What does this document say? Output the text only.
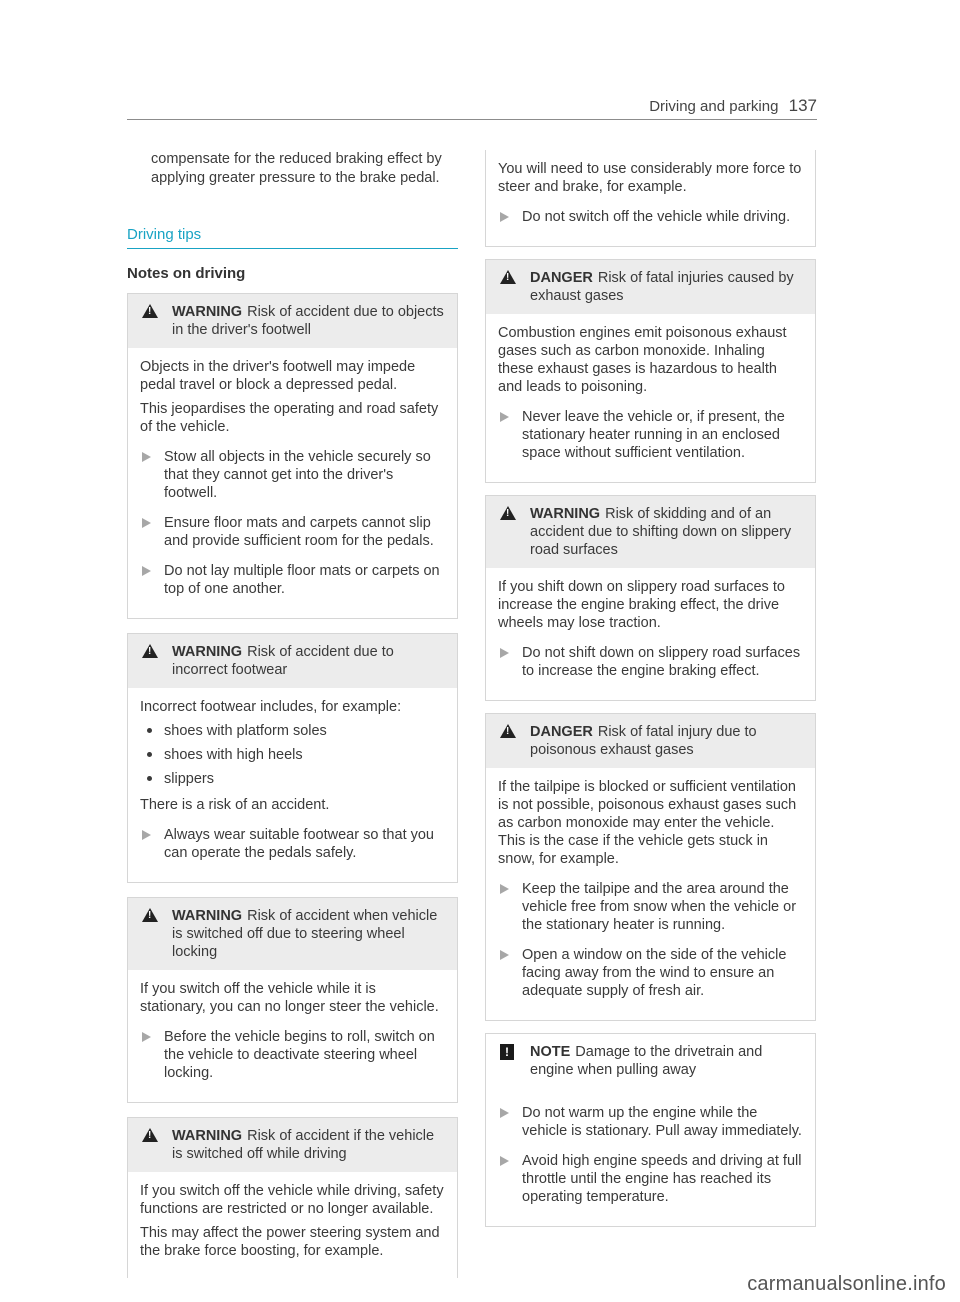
Driving and parking 137
compensate for the reduced braking effect by applying greater pressure to the brake pedal.
Driving tips
Notes on driving
!
WARNING Risk of accident due to objects in the driver's footwell
Objects in the driver's footwell may impede pedal travel or block a depressed pedal.
This jeopardises the operating and road safety of the vehicle.
Stow all objects in the vehicle securely so that they cannot get into the driver's footwell.
Ensure floor mats and carpets cannot slip and provide sufficient room for the pedals.
Do not lay multiple floor mats or carpets on top of one another.
!
WARNING Risk of accident due to incorrect footwear
Incorrect footwear includes, for example:
shoes with platform soles
shoes with high heels
slippers
There is a risk of an accident.
Always wear suitable footwear so that you can operate the pedals safely.
!
WARNING Risk of accident when vehicle is switched off due to steering wheel locking
If you switch off the vehicle while it is stationary, you can no longer steer the vehicle.
Before the vehicle begins to roll, switch on the vehicle to deactivate steering wheel locking.
!
WARNING Risk of accident if the vehicle is switched off while driving
If you switch off the vehicle while driving, safety functions are restricted or no longer available.
This may affect the power steering system and the brake force boosting, for example.
You will need to use considerably more force to steer and brake, for example.
Do not switch off the vehicle while driving.
!
DANGER Risk of fatal injuries caused by exhaust gases
Combustion engines emit poisonous exhaust gases such as carbon monoxide. Inhaling these exhaust gases is hazardous to health and leads to poisoning.
Never leave the vehicle or, if present, the stationary heater running in an enclosed space without sufficient ventilation.
!
WARNING Risk of skidding and of an accident due to shifting down on slippery road surfaces
If you shift down on slippery road surfaces to increase the engine braking effect, the drive wheels may lose traction.
Do not shift down on slippery road surfaces to increase the engine braking effect.
!
DANGER Risk of fatal injury due to poisonous exhaust gases
If the tailpipe is blocked or sufficient ventilation is not possible, poisonous exhaust gases such as carbon monoxide may enter the vehicle. This is the case if the vehicle gets stuck in snow, for example.
Keep the tailpipe and the area around the vehicle free from snow when the vehicle or the stationary heater is running.
Open a window on the side of the vehicle facing away from the wind to ensure an adequate supply of fresh air.
!	NOTE Damage to the drivetrain and engine when pulling away
Do not warm up the engine while the vehicle is stationary. Pull away immediately.
Avoid high engine speeds and driving at full throttle until the engine has reached its operating temperature.
carmanualsonline.info
